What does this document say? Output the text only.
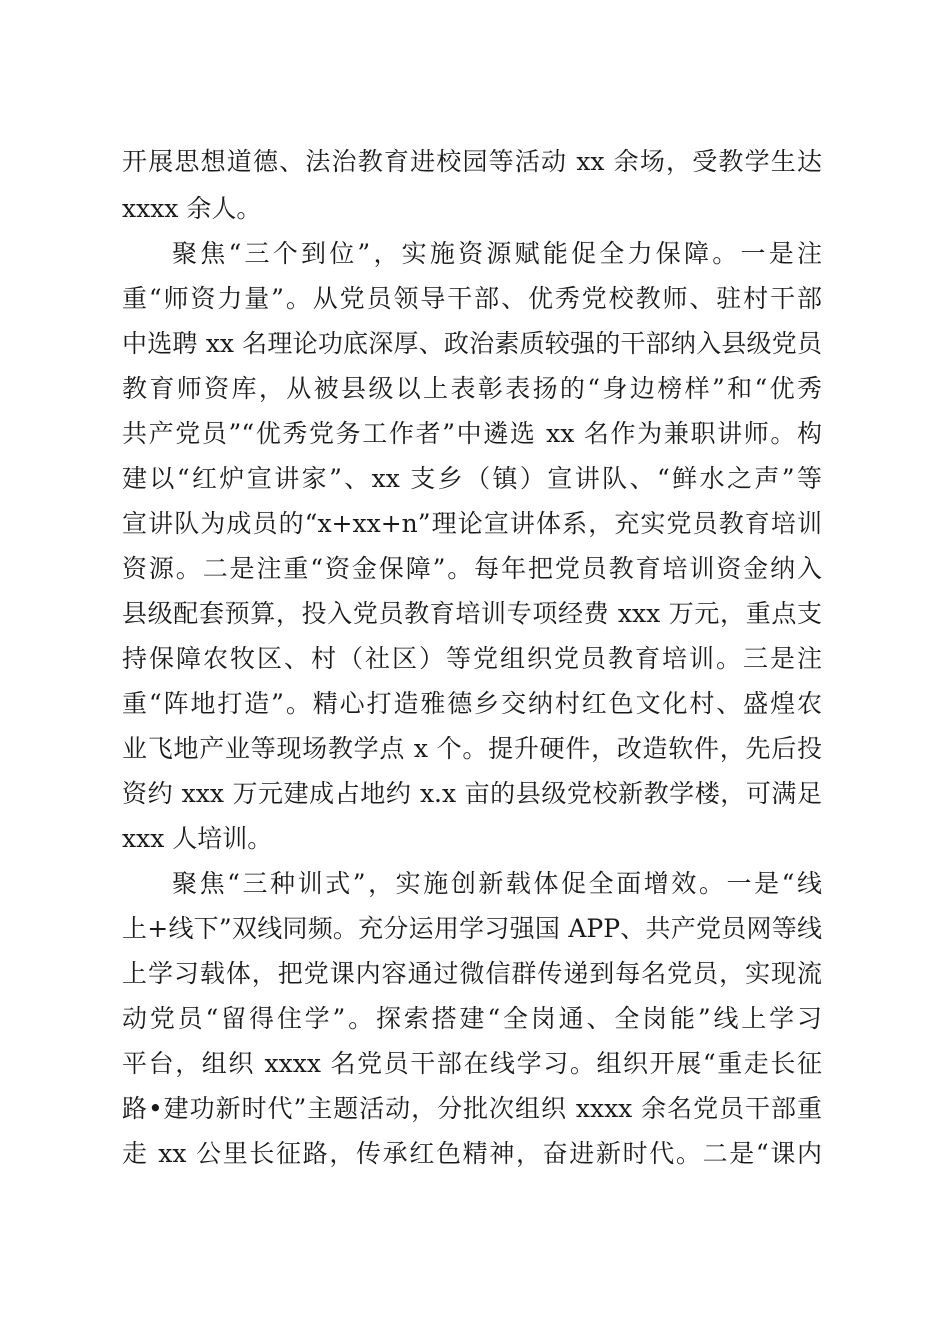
开展思想道德、法治教育进校园等活动 xx 余场，受教学生达
xxxx 余人。
聚焦“三个到位”，实施资源赋能促全力保障。一是注
重“师资力量”。从党员领导干部、优秀党校教师、驻村干部
中选聘 xx 名理论功底深厚、政治素质较强的干部纳入县级党员
教育师资库，从被县级以上表彰表扬的“身边榜样”和“优秀
共产党员”“优秀党务工作者”中遴选 xx 名作为兼职讲师。构
建以“红炉宣讲家”、xx 支乡（镇）宣讲队、“鲜水之声”等
宣讲队为成员的“x+xx+n”理论宣讲体系，充实党员教育培训
资源。二是注重“资金保障”。每年把党员教育培训资金纳入
县级配套预算，投入党员教育培训专项经费 xxx 万元，重点支
持保障农牧区、村（社区）等党组织党员教育培训。三是注
重“阵地打造”。精心打造雅德乡交纳村红色文化村、盛煌农
业飞地产业等现场教学点 x 个。提升硬件，改造软件，先后投
资约 xxx 万元建成占地约 x.x 亩的县级党校新教学楼，可满足
xxx 人培训。
聚焦“三种训式”，实施创新载体促全面增效。一是“线
上+线下”双线同频。充分运用学习强国 APP、共产党员网等线
上学习载体，把党课内容通过微信群传递到每名党员，实现流
动党员“留得住学”。探索搭建“全岗通、全岗能”线上学习
平台，组织 xxxx 名党员干部在线学习。组织开展“重走长征
路•建功新时代”主题活动，分批次组织 xxxx 余名党员干部重
走 xx 公里长征路，传承红色精神，奋进新时代。二是“课内
